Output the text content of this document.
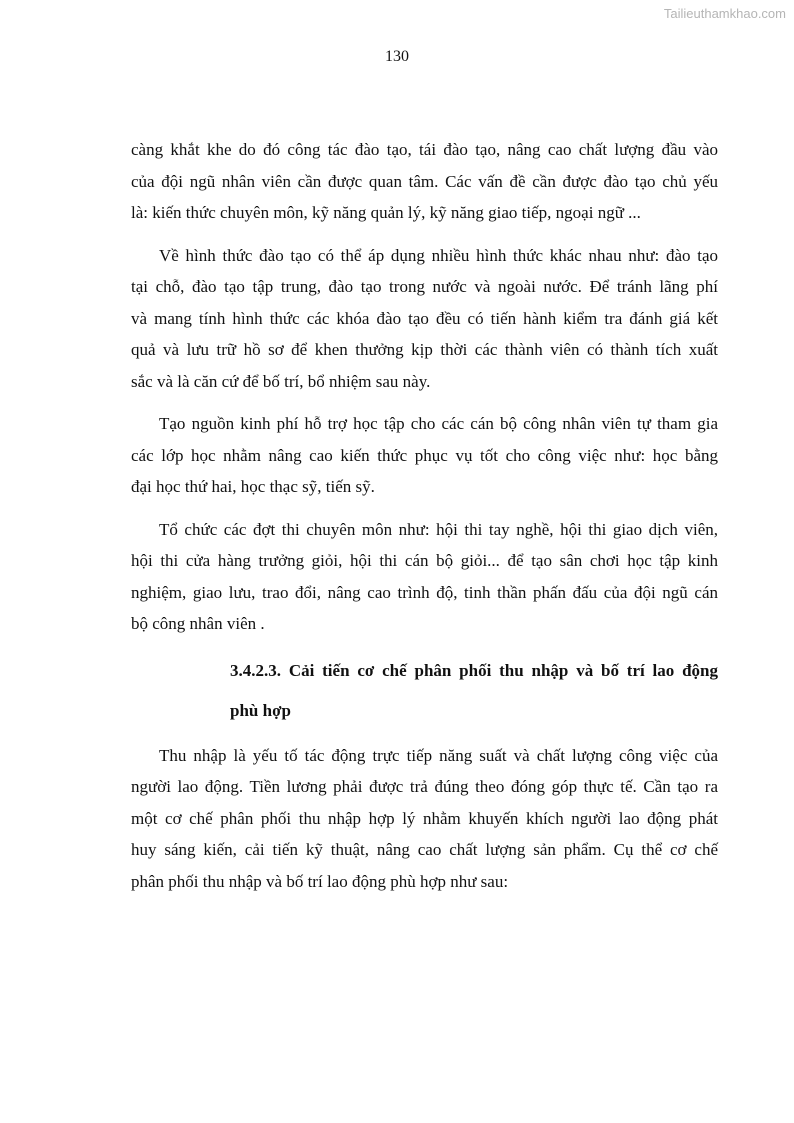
Tailieuthamkhao.com
130

càng khắt khe do đó công tác đào tạo, tái đào tạo, nâng cao chất lượng đầu vào
của đội ngũ nhân viên cần được quan tâm. Các vấn đề cần được đào tạo chủ yếu
là: kiến thức chuyên môn, kỹ năng quản lý, kỹ năng giao tiếp, ngoại ngữ ...

Về hình thức đào tạo có thể áp dụng nhiều hình thức khác nhau như: đào tạo
tại chỗ, đào tạo tập trung, đào tạo trong nước và ngoài nước. Để tránh lãng phí
và mang tính hình thức các khóa đào tạo đều có tiến hành kiểm tra đánh giá kết
quả và lưu trữ hồ sơ để khen thưởng kịp thời các thành viên có thành tích xuất
sắc và là căn cứ để bố trí, bổ nhiệm sau này.

Tạo nguồn kinh phí hỗ trợ học tập cho các cán bộ công nhân viên tự tham gia
các lớp học nhằm nâng cao kiến thức phục vụ tốt cho công việc như: học bằng
đại học thứ hai, học thạc sỹ, tiến sỹ.

Tổ chức các đợt thi chuyên môn như: hội thi tay nghề, hội thi giao dịch viên,
hội thi cửa hàng trưởng giỏi, hội thi cán bộ giỏi... để tạo sân chơi học tập kinh
nghiệm, giao lưu, trao đổi, nâng cao trình độ, tinh thần phấn đấu của đội ngũ cán
bộ công nhân viên .

3.4.2.3. Cải tiến cơ chế phân phối thu nhập và bố trí lao động
phù hợp

Thu nhập là yếu tố tác động trực tiếp năng suất và chất lượng công việc của
người lao động. Tiền lương phải được trả đúng theo đóng góp thực tế. Cần tạo ra
một cơ chế phân phối thu nhập hợp lý nhằm khuyến khích người lao động phát
huy sáng kiến, cải tiến kỹ thuật, nâng cao chất lượng sản phẩm. Cụ thể cơ chế
phân phối thu nhập và bố trí lao động phù hợp như sau:
